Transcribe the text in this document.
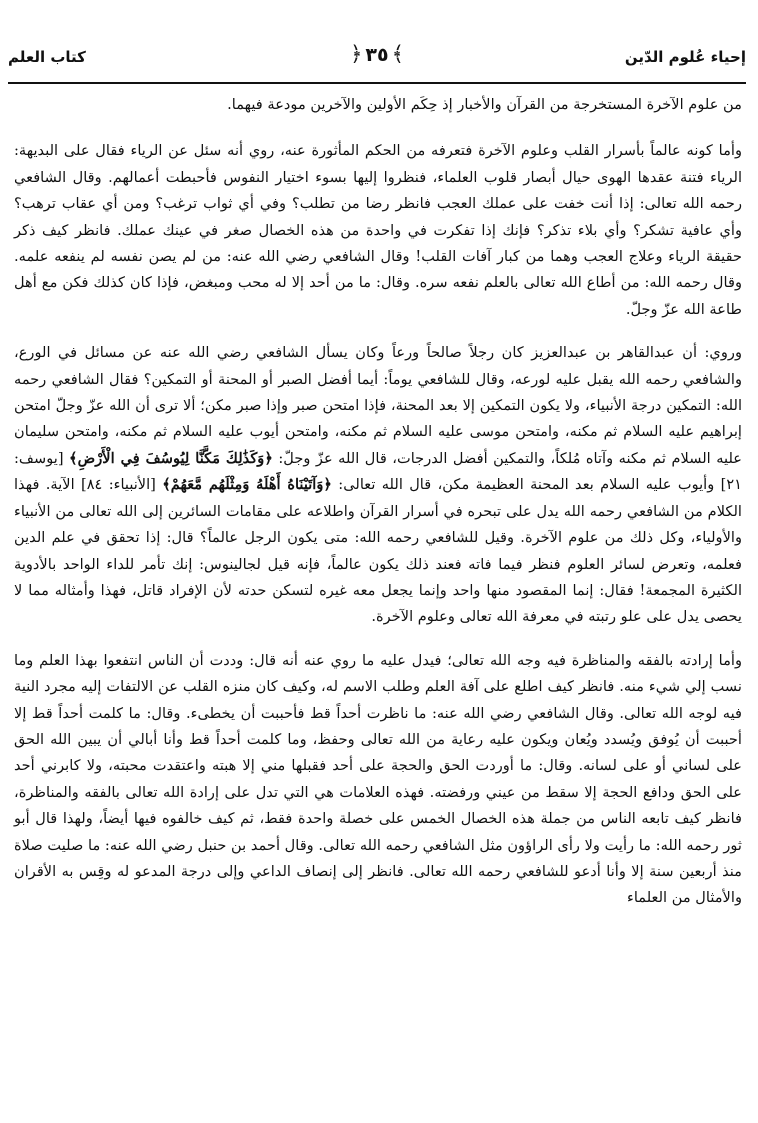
إحياء عُلوم الدّين
﴾٣٥﴿
كتاب العلم

من علوم الآخرة المستخرجة من القرآن والأخبار إذ حِكَم الأولين والآخرين مودعة فيهما.

وأما كونه عالماً بأسرار القلب وعلوم الآخرة فتعرفه من الحكم المأثورة عنه، روي أنه سئل عن الرياء فقال على البديهة: الرياء فتنة عقدها الهوى حيال أبصار قلوب العلماء، فنظروا إليها بسوء اختيار النفوس فأحبطت أعمالهم. وقال الشافعي رحمه الله تعالى: إذا أنت خفت على عملك العجب فانظر رضا من تطلب؟ وفي أي ثواب ترغب؟ ومن أي عقاب ترهب؟ وأي عافية تشكر؟ وأي بلاء تذكر؟ فإنك إذا تفكرت في واحدة من هذه الخصال صغر في عينك عملك. فانظر كيف ذكر حقيقة الرياء وعلاج العجب وهما من كبار آفات القلب! وقال الشافعي رضي الله عنه: من لم يصن نفسه لم ينفعه علمه. وقال رحمه الله: من أطاع الله تعالى بالعلم نفعه سره. وقال: ما من أحد إلا له محب ومبغض، فإذا كان كذلك فكن مع أهل طاعة الله عزّ وجلّ.

وروي: أن عبدالقاهر بن عبدالعزيز كان رجلاً صالحاً ورعاً وكان يسأل الشافعي رضي الله عنه عن مسائل في الورع، والشافعي رحمه الله يقبل عليه لورعه، وقال للشافعي يوماً: أيما أفضل الصبر أو المحنة أو التمكين؟ فقال الشافعي رحمه الله: التمكين درجة الأنبياء، ولا يكون التمكين إلا بعد المحنة، فإذا امتحن صبر وإذا صبر مكن؛ ألا ترى أن الله عزّ وجلّ امتحن إبراهيم عليه السلام ثم مكنه، وامتحن موسى عليه السلام ثم مكنه، وامتحن أيوب عليه السلام ثم مكنه، وامتحن سليمان عليه السلام ثم مكنه وآتاه مُلكاً، والتمكين أفضل الدرجات، قال الله عزّ وجلّ: ﴿وَكَذَٰلِكَ مَكَّنَّا لِيُوسُفَ فِي الْأَرْضِ﴾ [يوسف: ٢١] وأيوب عليه السلام بعد المحنة العظيمة مكن، قال الله تعالى: ﴿وَآتَيْنَاهُ أَهْلَهُ وَمِثْلَهُم مَّعَهُمْ﴾ [الأنبياء: ٨٤] الآية. فهذا الكلام من الشافعي رحمه الله يدل على تبحره في أسرار القرآن واطلاعه على مقامات السائرين إلى الله تعالى من الأنبياء والأولياء، وكل ذلك من علوم الآخرة. وقيل للشافعي رحمه الله: متى يكون الرجل عالماً؟ قال: إذا تحقق في علم الدين فعلمه، وتعرض لسائر العلوم فنظر فيما فاته فعند ذلك يكون عالماً، فإنه قيل لجالينوس: إنك تأمر للداء الواحد بالأدوية الكثيرة المجمعة! فقال: إنما المقصود منها واحد وإنما يجعل معه غيره لتسكن حدته لأن الإفراد قاتل، فهذا وأمثاله مما لا يحصى يدل على علو رتبته في معرفة الله تعالى وعلوم الآخرة.

وأما إرادته بالفقه والمناظرة فيه وجه الله تعالى؛ فيدل عليه ما روي عنه أنه قال: وددت أن الناس انتفعوا بهذا العلم وما نسب إلي شيء منه. فانظر كيف اطلع على آفة العلم وطلب الاسم له، وكيف كان منزه القلب عن الالتفات إليه مجرد النية فيه لوجه الله تعالى. وقال الشافعي رضي الله عنه: ما ناظرت أحداً قط فأحببت أن يخطىء. وقال: ما كلمت أحداً قط إلا أحببت أن يُوفق ويُسدد ويُعان ويكون عليه رعاية من الله تعالى وحفظ، وما كلمت أحداً قط وأنا أبالي أن يبين الله الحق على لساني أو على لسانه. وقال: ما أوردت الحق والحجة على أحد فقبلها مني إلا هبته واعتقدت محبته، ولا كابرني أحد على الحق ودافع الحجة إلا سقط من عيني ورفضته. فهذه العلامات هي التي تدل على إرادة الله تعالى بالفقه والمناظرة، فانظر كيف تابعه الناس من جملة هذه الخصال الخمس على خصلة واحدة فقط، ثم كيف خالفوه فيها أيضاً، ولهذا قال أبو ثور رحمه الله: ما رأيت ولا رأى الراؤون مثل الشافعي رحمه الله تعالى. وقال أحمد بن حنبل رضي الله عنه: ما صليت صلاة منذ أربعين سنة إلا وأنا أدعو للشافعي رحمه الله تعالى. فانظر إلى إنصاف الداعي وإلى درجة المدعو له وقِس به الأقران والأمثال من العلماء
